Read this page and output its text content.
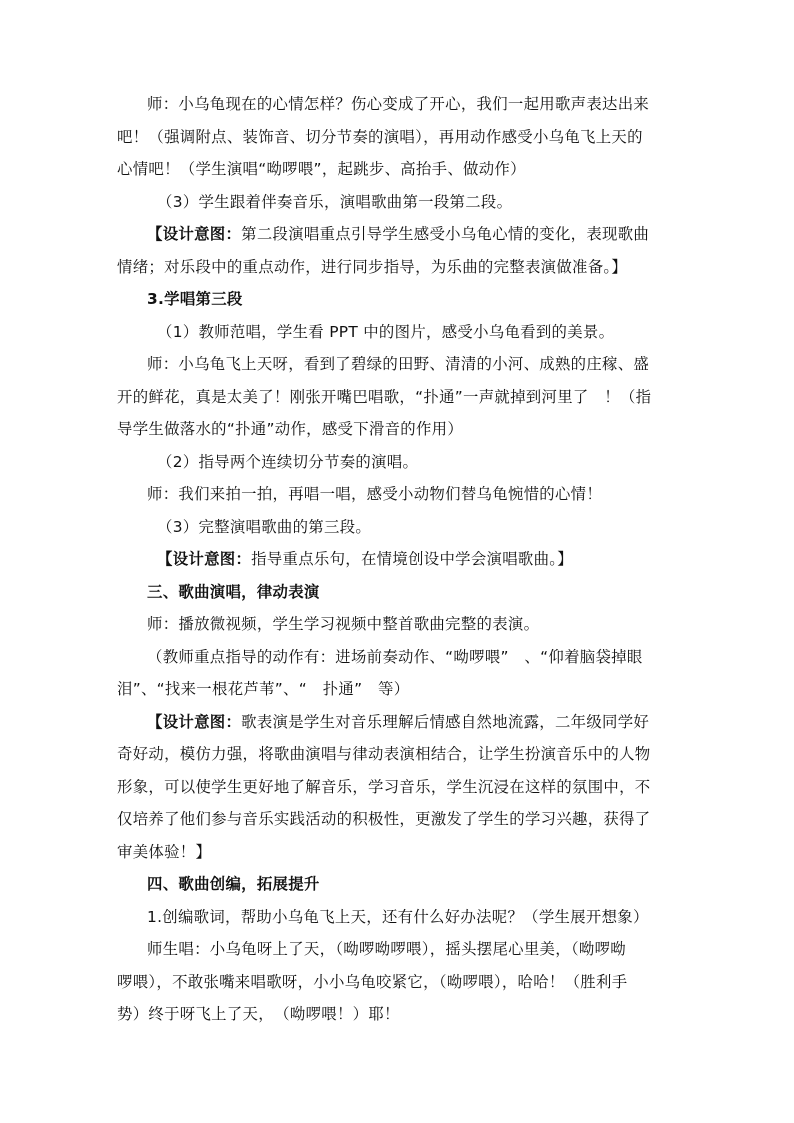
师：小乌龟现在的心情怎样？伤心变成了开心，我们一起用歌声表达出来
吧！（强调附点、装饰音、切分节奏的演唱），再用动作感受小乌龟飞上天的
心情吧！（学生演唱“呦啰喂”，起跳步、高抬手、做动作）
（3）学生跟着伴奏音乐，演唱歌曲第一段第二段。
【设计意图：第二段演唱重点引导学生感受小乌龟心情的变化，表现歌曲
情绪；对乐段中的重点动作，进行同步指导，为乐曲的完整表演做准备。】
3.学唱第三段
（1）教师范唱，学生看 PPT 中的图片，感受小乌龟看到的美景。
师：小乌龟飞上天呀，看到了碧绿的田野、清清的小河、成熟的庄稼、盛
开的鲜花，真是太美了！刚张开嘴巴唱歌，“扑通”一声就掉到河里了　！（指
导学生做落水的“扑通”动作，感受下滑音的作用）
（2）指导两个连续切分节奏的演唱。
师：我们来拍一拍，再唱一唱，感受小动物们替乌龟惋惜的心情！
（3）完整演唱歌曲的第三段。
【设计意图：指导重点乐句，在情境创设中学会演唱歌曲。】
三、歌曲演唱，律动表演
师：播放微视频，学生学习视频中整首歌曲完整的表演。
（教师重点指导的动作有：进场前奏动作、“呦啰喂”　、“仰着脑袋掉眼
泪”、“找来一根花芦苇”、“　扑通”　等）
【设计意图：歌表演是学生对音乐理解后情感自然地流露，二年级同学好
奇好动，模仿力强，将歌曲演唱与律动表演相结合，让学生扮演音乐中的人物
形象，可以使学生更好地了解音乐，学习音乐，学生沉浸在这样的氛围中，不
仅培养了他们参与音乐实践活动的积极性，更激发了学生的学习兴趣，获得了
审美体验！】
四、歌曲创编，拓展提升
1.创编歌词，帮助小乌龟飞上天，还有什么好办法呢？（学生展开想象）
师生唱：小乌龟呀上了天，（呦啰呦啰喂），摇头摆尾心里美，（呦啰呦
啰喂），不敢张嘴来唱歌呀，小小乌龟咬紧它，（呦啰喂），哈哈！（胜利手
势）终于呀飞上了天，　（呦啰喂！）耶！
